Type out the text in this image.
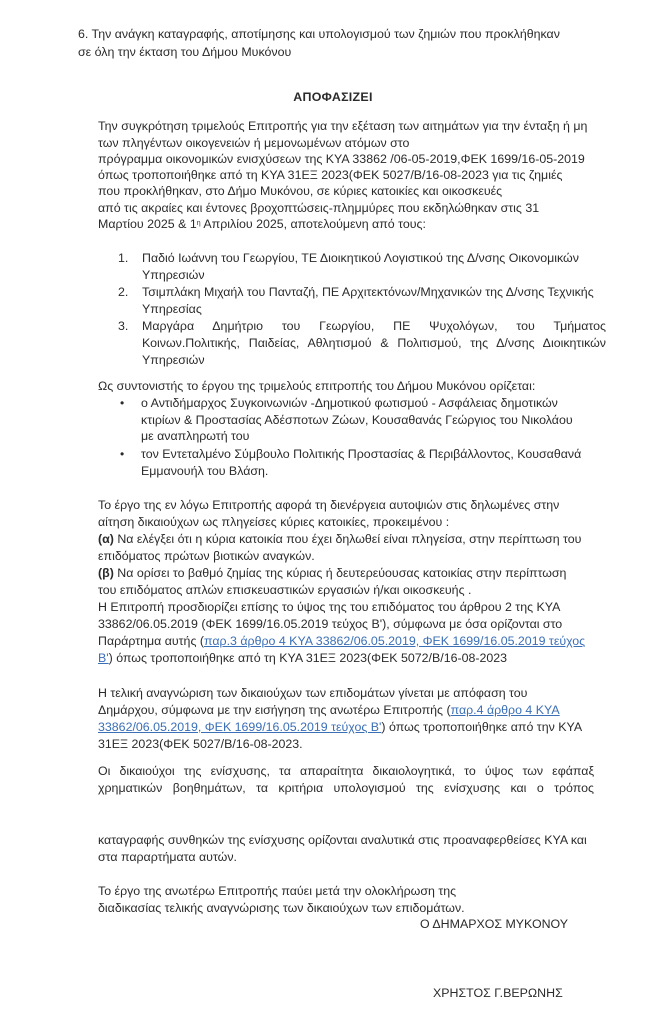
6. Την ανάγκη καταγραφής, αποτίμησης και υπολογισμού των ζημιών που προκλήθηκαν
σε όλη την έκταση του Δήμου Μυκόνου
ΑΠΟΦΑΣΙΖΕΙ
Την συγκρότηση τριμελούς Επιτροπής για την εξέταση των αιτημάτων για την ένταξη ή μη
των πληγέντων οικογενειών ή μεμονωμένων ατόμων στο
πρόγραμμα οικονομικών ενισχύσεων της ΚΥΑ 33862 /06-05-2019,ΦΕΚ 1699/16-05-2019
όπως τροποποιήθηκε από τη ΚΥΑ 31ΕΞ 2023(ΦΕΚ 5027/Β/16-08-2023 για τις ζημιές
που προκλήθηκαν, στο Δήμο Μυκόνου, σε κύριες κατοικίες και οικοσκευές
από τις ακραίες και έντονες βροχοπτώσεις-πλημμύρες που εκδηλώθηκαν στις 31
Μαρτίου 2025 & $1^\eta$ Απριλίου 2025, αποτελούμενη από τους:
1. Παδιό Ιωάννη του Γεωργίου, ΤΕ Διοικητικού Λογιστικού της Δ/νσης Οικονομικών
Υπηρεσιών
2. Τσιμπλάκη Μιχαήλ του Πανταζή, ΠΕ Αρχιτεκτόνων/Μηχανικών της Δ/νσης Τεχνικής
Υπηρεσίας
3. Μαργάρα Δημήτριο του Γεωργίου, ΠΕ Ψυχολόγων, του Τμήματος
Κοινων.Πολιτικής, Παιδείας, Αθλητισμού & Πολιτισμού, της Δ/νσης Διοικητικών
Υπηρεσιών
Ως συντονιστής το έργου της τριμελούς επιτροπής του Δήμου Μυκόνου ορίζεται:
• ο Αντιδήμαρχος Συγκοινωνιών -Δημοτικού φωτισμού - Ασφάλειας δημοτικών
κτιρίων & Προστασίας Αδέσποτων Ζώων, Κουσαθανάς Γεώργιος του Νικολάου
με αναπληρωτή του
• τον Εντεταλμένο Σύμβουλο Πολιτικής Προστασίας & Περιβάλλοντος, Κουσαθανά
Εμμανουήλ του Βλάση.
Το έργο της εν λόγω Επιτροπής αφορά τη διενέργεια αυτοψιών στις δηλωμένες στην
αίτηση δικαιούχων ως πληγείσες κύριες κατοικίες, προκειμένου :
(α) Να ελέγξει ότι η κύρια κατοικία που έχει δηλωθεί είναι πληγείσα, στην περίπτωση του
επιδόματος πρώτων βιοτικών αναγκών.
(β) Να ορίσει το βαθμό ζημίας της κύριας ή δευτερεύουσας κατοικίας στην περίπτωση
του επιδόματος απλών επισκευαστικών εργασιών ή/και οικοσκευής .
Η Επιτροπή προσδιορίζει επίσης το ύψος της του επιδόματος του άρθρου 2 της ΚΥΑ
33862/06.05.2019 (ΦΕΚ 1699/16.05.2019 τεύχος Β'), σύμφωνα με όσα ορίζονται στο
Παράρτημα αυτής (παρ.3 άρθρο 4 ΚΥΑ 33862/06.05.2019, ΦΕΚ 1699/16.05.2019 τεύχος
Β') όπως τροποποιήθηκε από τη ΚΥΑ 31ΕΞ 2023(ΦΕΚ 5072/Β/16-08-2023
Η τελική αναγνώριση των δικαιούχων των επιδομάτων γίνεται με απόφαση του
Δημάρχου, σύμφωνα με την εισήγηση της ανωτέρω Επιτροπής (παρ.4 άρθρο 4 ΚΥΑ
33862/06.05.2019, ΦΕΚ 1699/16.05.2019 τεύχος Β') όπως τροποποιήθηκε από την ΚΥΑ
31ΕΞ 2023(ΦΕΚ 5027/Β/16-08-2023.
Οι δικαιούχοι της ενίσχυσης, τα απαραίτητα δικαιολογητικά, το ύψος των εφάπαξ
χρηματικών βοηθημάτων, τα κριτήρια υπολογισμού της ενίσχυσης και ο τρόπος
καταγραφής συνθηκών της ενίσχυσης ορίζονται αναλυτικά στις προαναφερθείσες ΚΥΑ και
στα παραρτήματα αυτών.
Το έργο της ανωτέρω Επιτροπής παύει μετά την ολοκλήρωση της
διαδικασίας τελικής αναγνώρισης των δικαιούχων των επιδομάτων.
Ο ΔΗΜΑΡΧΟΣ ΜΥΚΟΝΟΥ
ΧΡΗΣΤΟΣ Γ.ΒΕΡΩΝΗΣ
